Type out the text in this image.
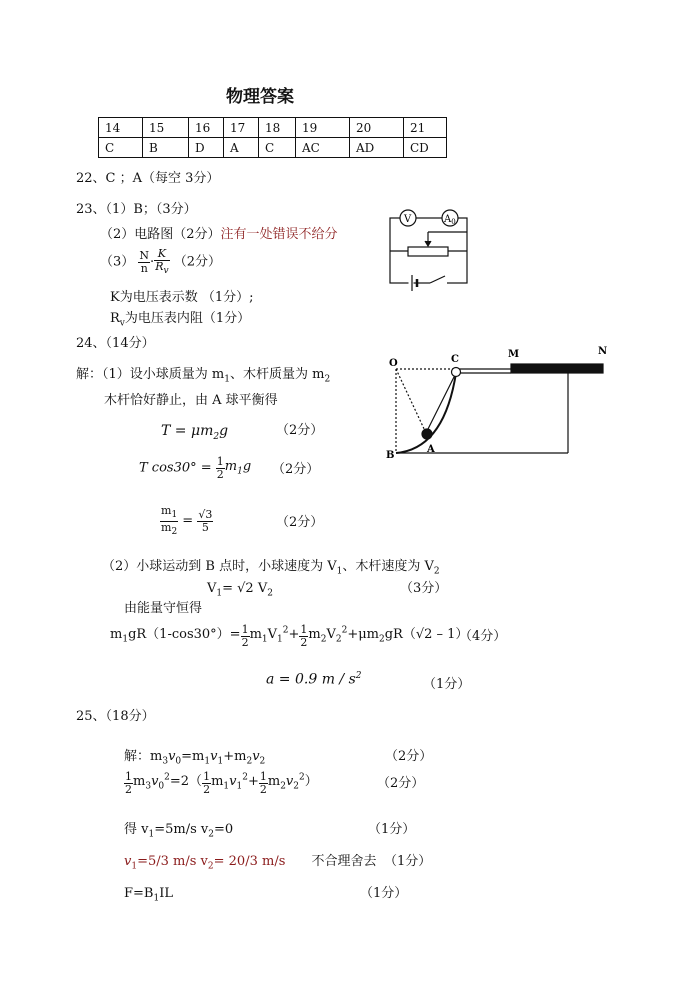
物理答案
14	15	16	17	18	19	20	21
C	B	D	A	C	AC	AD	CD
22、C ；A（每空 3分）
23、（1）B；（3分）
（2）电路图（2分）注有一处错误不给分
$(3) \frac{N}{n} \cdot \frac{K}{R_v} (2$分）
K为电压表示数 （1分）;
$R_v$为电压表内阻（1分）
V	$A_0$
24、（14分）
解：（1）设小球质量为 $m_1$、木杆质量为 $m_2$
木杆恰好静止，由 A 球平衡得
$T = \mu m_2g$	（2分）
T $\cos 30^\circ = \frac{1}{2} m_1g$ （2分）
$\frac{m_1}{m_2} = \frac{√3}{5}$	（2分）
O	C	M	N
B
A
（2）小球运动到 B 点时，小球速度为 $V_1$、木杆速度为 $V_2$
$V_1= √2$ $V_2$	（3分）
由能量守恒得
$m_1gR(1-\cos 30^\circ)= \frac{1}{2} m_1V_1^2+ \frac{1}{2} m_2V_2^2+\mu m_2gR(√2 - 1)$
（4分）
a = 0.9 m / $s^2$
（1分）
25、（18分）
解：$m_3v_0=m_1v_1+m_2v_2$	（2分）
$\frac{1}{2} m_3v_0^2=2( \frac{1}{2} m_1v_1^2+ \frac{1}{2} m_2v_2^2)$	（2分）
得 $v_1=5m/s$ $v_2=0$	（1分）
$v_1=5/3$ m/s $v_2= 20/3$ m/s 不合理舍去 （1分）
$F=B_1IL$	（1分）
